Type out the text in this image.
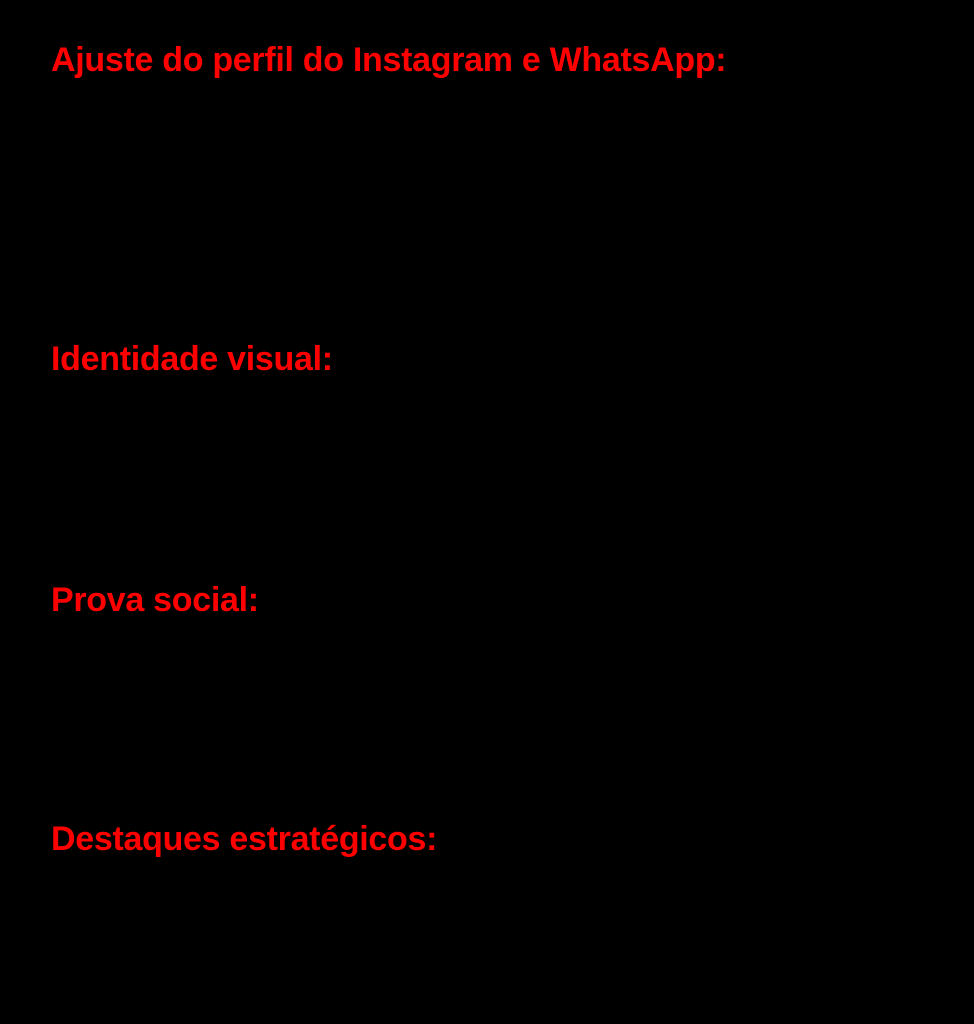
Ajuste do perfil do Instagram e WhatsApp:
Identidade visual:
Prova social:
Destaques estratégicos:
